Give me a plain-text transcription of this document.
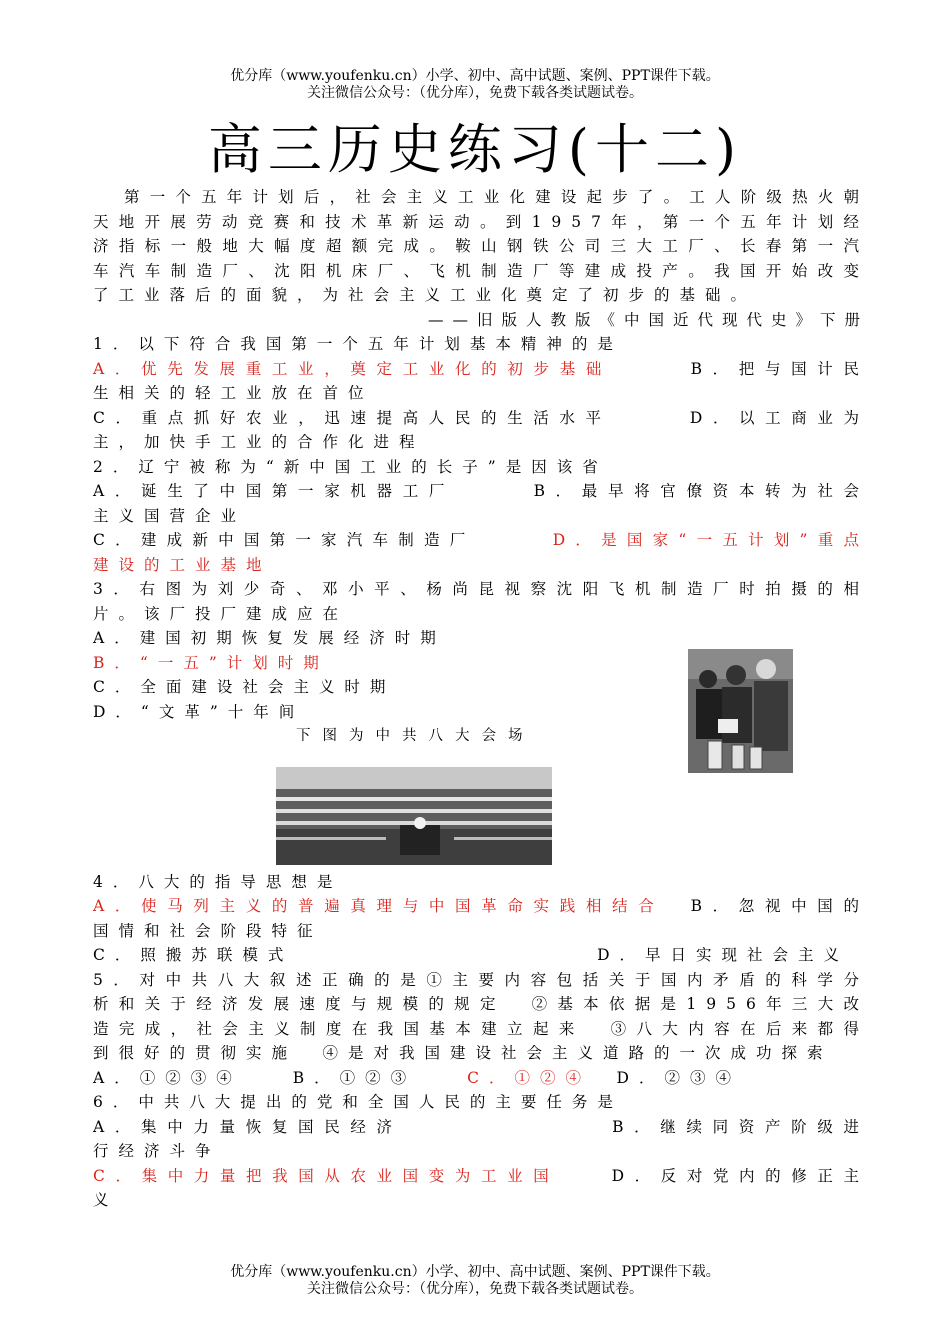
优分库（www.youfenku.cn）小学、初中、高中试题、案例、PPT课件下载。
关注微信公众号：（优分库），免费下载各类试题试卷。
高三历史练习(十二)

第一个五年计划后，社会主义工业化建设起步了。工人阶级热火朝天地开展劳动竞赛和技术革新运动。到1957年，第一个五年计划经济指标一般地大幅度超额完成。鞍山钢铁公司三大工厂、长春第一汽车汽车制造厂、沈阳机床厂、飞机制造厂等建成投产。我国开始改变了工业落后的面貌，为社会主义工业化奠定了初步的基础。

——旧版人教版《中国近代现代史》下册

1．以下符合我国第一个五年计划基本精神的是

A．优先发展重工业，奠定工业化的初步基础　　　	B．把与国计民生相关的轻工业放在首位

C．重点抓好农业，迅速提高人民的生活水平　　　	D．以工商业为主，加快手工业的合作化进程

2．辽宁被称为“新中国工业的长子”是因该省

A．诞生了中国第一家机器工厂　　　	B．最早将官僚资本转为社会主义国营企业

C．建成新中国第一家汽车制造厂　　　	D．是国家“一五计划”重点建设的工业基地

3．右图为刘少奇、邓小平、杨尚昆视察沈阳飞机制造厂时拍摄的相片。该厂投厂建成应在

A．建国初期恢复发展经济时期

B．“一五”计划时期

C．全面建设社会主义时期

D．“文革”十年间

下图为中共八大会场

4．八大的指导思想是

A．使马列主义的普遍真理与中国革命实践相结合　 B．忽视中国的国情和社会阶段特征

C．照搬苏联模式	D．早日实现社会主义

5．对中共八大叙述正确的是①主要内容包括关于国内矛盾的科学分析和关于经济发展速度与规模的规定　②基本依据是1956年三大改造完成，社会主义制度在我国基本建立起来　③八大内容在后来都得到很好的贯彻实施　④是对我国建设社会主义道路的一次成功探索

A．①②③④　　	B．①②③　　	C．①②④　 D．②③④

6．中共八大提出的党和全国人民的主要任务是

A．集中力量恢复国民经济　　　　　　　　	B．继续同资产阶级进行经济斗争

C．集中力量把我国从农业国变为工业国　　	D．反对党内的修正主义

优分库（www.youfenku.cn）小学、初中、高中试题、案例、PPT课件下载。
关注微信公众号：（优分库），免费下载各类试题试卷。
